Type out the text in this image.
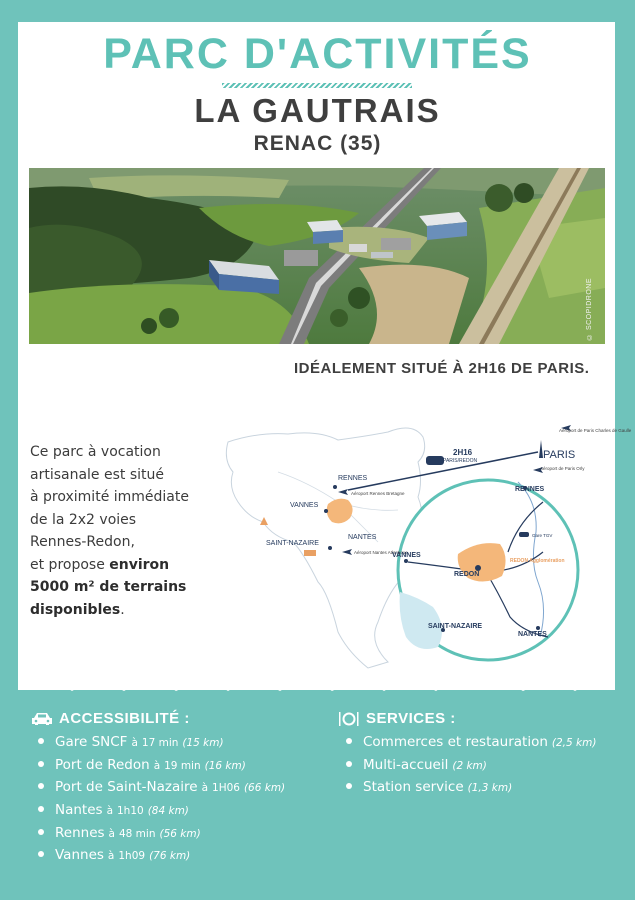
PARC D'ACTIVITÉS
LA GAUTRAIS
RENAC (35)
© SCOPIDRONE
IDÉALEMENT SITUÉ À 2H16 DE PARIS.

Ce parc à vocation

artisanale est situé

à proximité immédiate

de la 2x2 voies

Rennes-Redon,

et propose environ

5000 m² de terrains

disponibles.

Aéroport de Paris Charles de Gaulle
PARIS
Aéroport de Paris Orly
2H16
PARIS/REDON
RENNES
Aéroport Rennes Bretagne
VANNES
NANTES
Aéroport Nantes Atlantique
SAINT-NAZAIRE
RENNES
VANNES
REDON
NANTES
SAINT-NAZAIRE
Gare TGV
REDON Agglomération
ACCESSIBILITÉ :
Gare SNCF à 17 min (15 km)
Port de Redon à 19 min (16 km)
Port de Saint-Nazaire à 1H06 (66 km)
Nantes à 1h10 (84 km)
Rennes à 48 min (56 km)
Vannes à 1h09 (76 km)
SERVICES :
Commerces et restauration (2,5 km)
Multi-accueil (2 km)
Station service (1,3 km)
